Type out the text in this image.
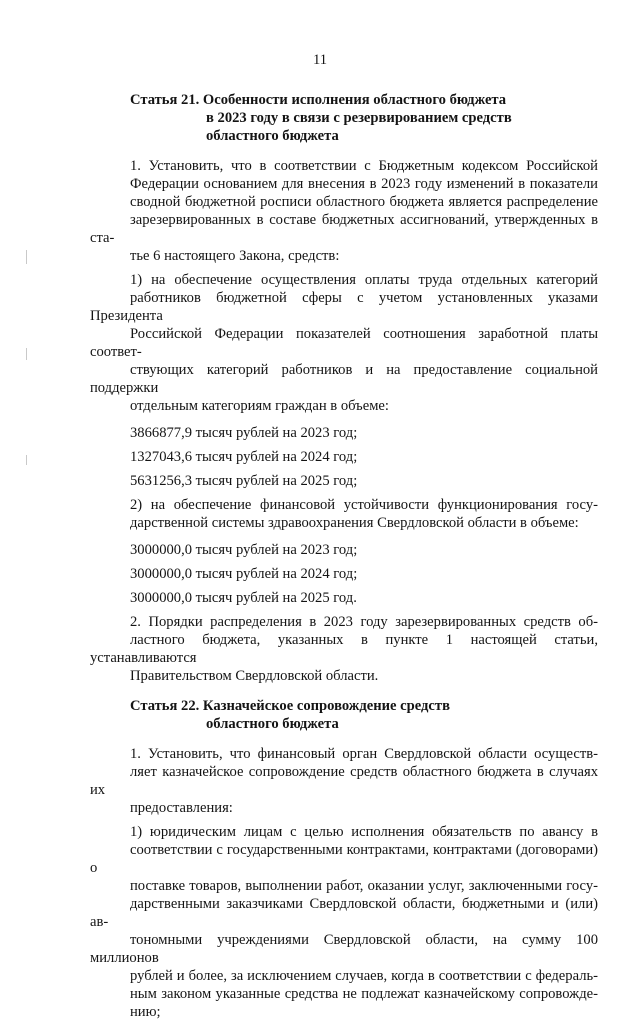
11
Статья 21. Особенности исполнения областного бюджета
в 2023 году в связи с резервированием средств
областного бюджета

1. Установить, что в соответствии с Бюджетным кодексом Российской
Федерации основанием для внесения в 2023 году изменений в показатели
сводной бюджетной росписи областного бюджета является распределение
зарезервированных в составе бюджетных ассигнований, утвержденных в ста-
тье 6 настоящего Закона, средств:

1) на обеспечение осуществления оплаты труда отдельных категорий
работников бюджетной сферы с учетом установленных указами Президента
Российской Федерации показателей соотношения заработной платы соответ-
ствующих категорий работников и на предоставление социальной поддержки
отдельным категориям граждан в объеме:

3866877,9 тысяч рублей на 2023 год;
1327043,6 тысяч рублей на 2024 год;
5631256,3 тысяч рублей на 2025 год;

2) на обеспечение финансовой устойчивости функционирования госу-
дарственной системы здравоохранения Свердловской области в объеме:

3000000,0 тысяч рублей на 2023 год;
3000000,0 тысяч рублей на 2024 год;
3000000,0 тысяч рублей на 2025 год.

2. Порядки распределения в 2023 году зарезервированных средств об-
ластного бюджета, указанных в пункте 1 настоящей статьи, устанавливаются
Правительством Свердловской области.

Статья 22. Казначейское сопровождение средств
областного бюджета

1. Установить, что финансовый орган Свердловской области осуществ-
ляет казначейское сопровождение средств областного бюджета в случаях их
предоставления:

1) юридическим лицам с целью исполнения обязательств по авансу в
соответствии с государственными контрактами, контрактами (договорами) о
поставке товаров, выполнении работ, оказании услуг, заключенными госу-
дарственными заказчиками Свердловской области, бюджетными и (или) ав-
тономными учреждениями Свердловской области, на сумму 100 миллионов
рублей и более, за исключением случаев, когда в соответствии с федераль-
ным законом указанные средства не подлежат казначейскому сопровожде-
нию;
